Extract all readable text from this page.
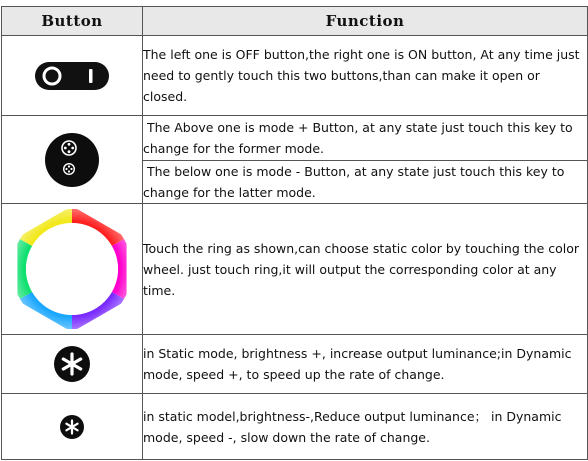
Button	Function

	The left one is OFF button,the right one is ON button, At any time just need to gently touch this two buttons,than can make it open or closed.

	The Above one is mode + Button, at any state just touch this key to change for the former mode.
	The below one is mode - Button, at any state just touch this key to change for the latter mode.

	Touch the ring as shown,can choose static color by touching the color wheel. just touch ring,it will output the corresponding color at any time.

	in Static mode, brightness +, increase output luminance;in Dynamic mode, speed +, to speed up the rate of change.

	in static model,brightness-,Reduce output luminance； in Dynamic mode, speed -, slow down the rate of change.
